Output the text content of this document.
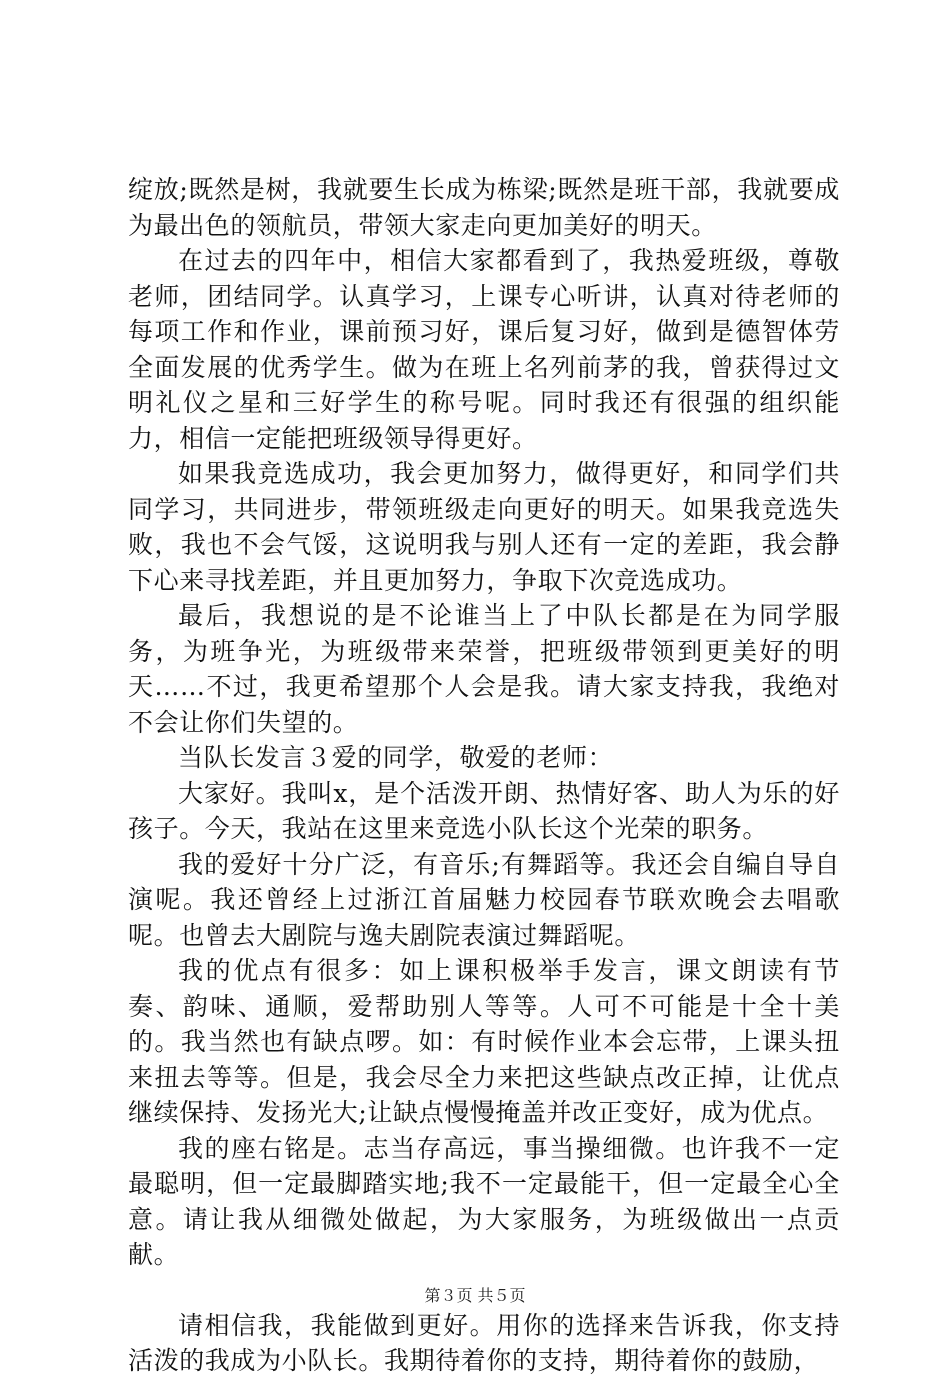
绽放;既然是树，我就要生长成为栋梁;既然是班干部，我就要成为最出色的领航员，带领大家走向更加美好的明天。

在过去的四年中，相信大家都看到了，我热爱班级，尊敬老师，团结同学。认真学习，上课专心听讲，认真对待老师的每项工作和作业，课前预习好，课后复习好，做到是德智体劳全面发展的优秀学生。做为在班上名列前茅的我，曾获得过文明礼仪之星和三好学生的称号呢。同时我还有很强的组织能力，相信一定能把班级领导得更好。

如果我竞选成功，我会更加努力，做得更好，和同学们共同学习，共同进步，带领班级走向更好的明天。如果我竞选失败，我也不会气馁，这说明我与别人还有一定的差距，我会静下心来寻找差距，并且更加努力，争取下次竞选成功。

最后，我想说的是不论谁当上了中队长都是在为同学服务，为班争光，为班级带来荣誉，把班级带领到更美好的明天……不过，我更希望那个人会是我。请大家支持我，我绝对不会让你们失望的。

当队长发言３爱的同学，敬爱的老师：

大家好。我叫x，是个活泼开朗、热情好客、助人为乐的好孩子。今天，我站在这里来竞选小队长这个光荣的职务。

我的爱好十分广泛，有音乐;有舞蹈等。我还会自编自导自演呢。我还曾经上过浙江首届魅力校园春节联欢晚会去唱歌呢。也曾去大剧院与逸夫剧院表演过舞蹈呢。

我的优点有很多：如上课积极举手发言，课文朗读有节奏、韵味、通顺，爱帮助别人等等。人可不可能是十全十美的。我当然也有缺点啰。如：有时候作业本会忘带，上课头扭来扭去等等。但是，我会尽全力来把这些缺点改正掉，让优点继续保持、发扬光大;让缺点慢慢掩盖并改正变好，成为优点。

我的座右铭是。志当存高远，事当操细微。也许我不一定最聪明，但一定最脚踏实地;我不一定最能干，但一定最全心全意。请让我从细微处做起，为大家服务，为班级做出一点贡献。

请相信我，我能做到更好。用你的选择来告诉我，你支持活泼的我成为小队长。我期待着你的支持，期待着你的鼓励，

第３页 共５页
